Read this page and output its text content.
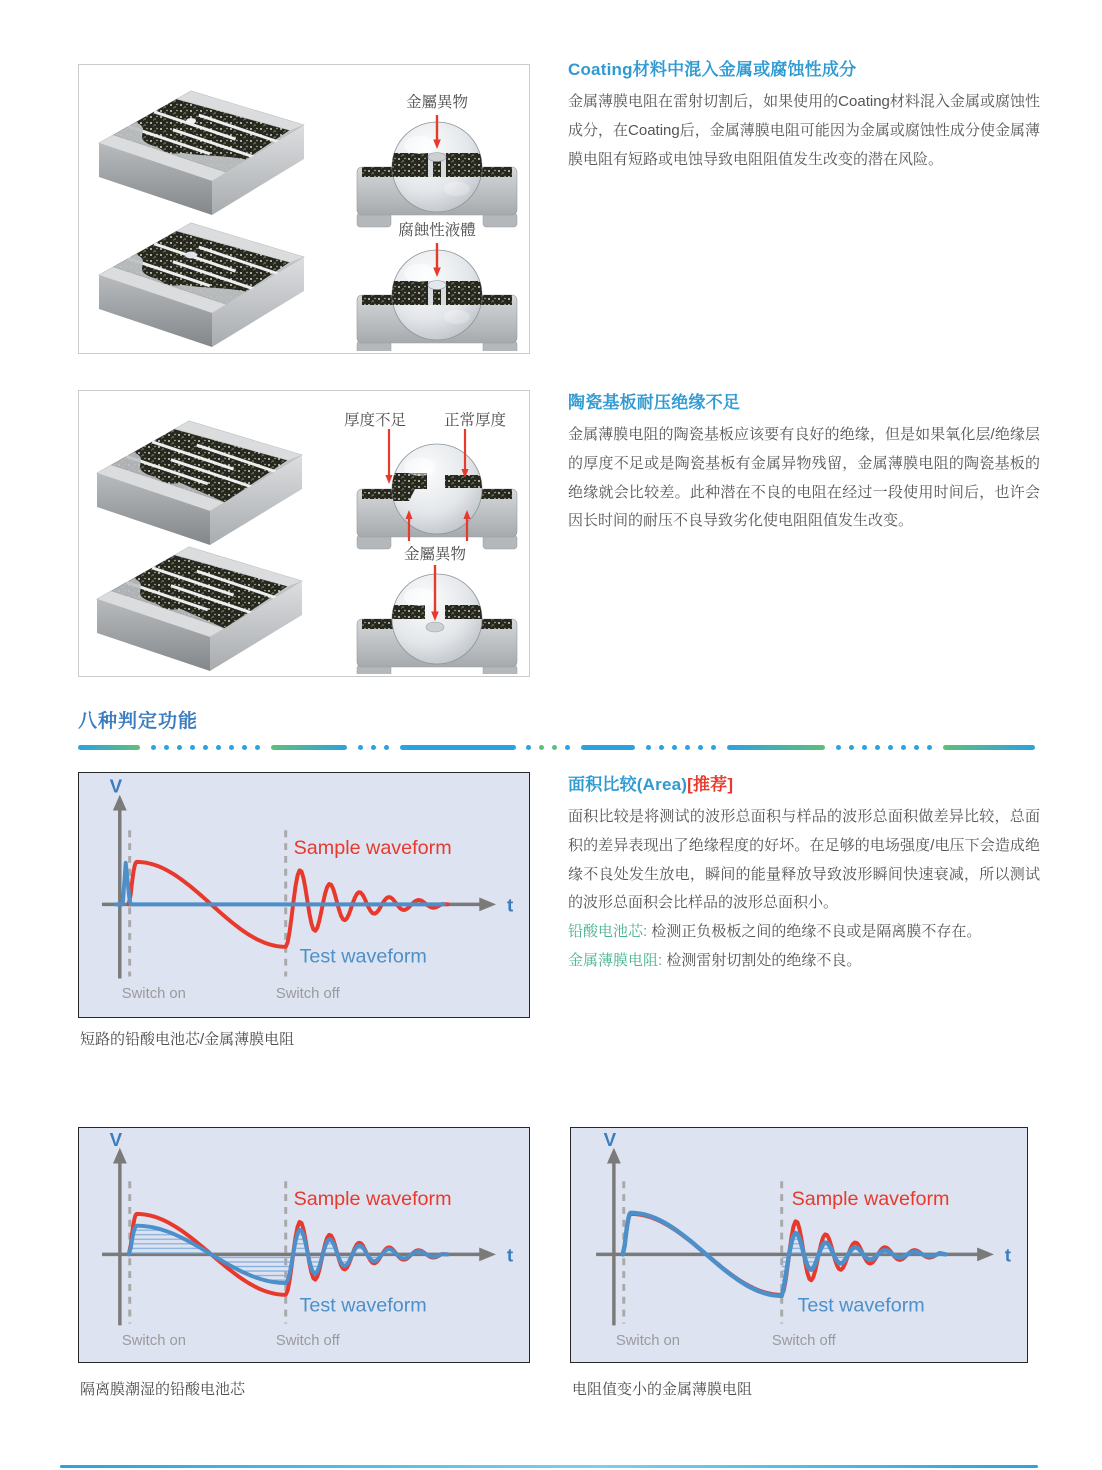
金屬異物
腐蝕性液體
Coating材料中混入金属或腐蚀性成分

金属薄膜电阻在雷射切割后，如果使用的Coating材料混入金属或腐蚀性成分，在Coating后，金属薄膜电阻可能因为金属或腐蚀性成分使金属薄膜电阻有短路或电蚀导致电阻阻值发生改变的潜在风险。

厚度不足 正常厚度
金屬異物
陶瓷基板耐压绝缘不足

金属薄膜电阻的陶瓷基板应该要有良好的绝缘，但是如果氧化层/绝缘层的厚度不足或是陶瓷基板有金属异物残留，金属薄膜电阻的陶瓷基板的绝缘就会比较差。此种潜在不良的电阻在经过一段使用时间后，也许会因长时间的耐压不良导致劣化使电阻阻值发生改变。

八种判定功能
V
t
Sample waveform
Test waveform
Switch on	Switch off
短路的铅酸电池芯/金属薄膜电阻
面积比较(Area)[推荐]

面积比较是将测试的波形总面积与样品的波形总面积做差异比较，总面积的差异表现出了绝缘程度的好坏。在足够的电场强度/电压下会造成绝缘不良处发生放电，瞬间的能量释放导致波形瞬间快速衰减，所以测试的波形总面积会比样品的波形总面积小。

铅酸电池芯: 检测正负极板之间的绝缘不良或是隔离膜不存在。

金属薄膜电阻: 检测雷射切割处的绝缘不良。

V
t
Sample waveform
Test waveform
Switch on	Switch off
隔离膜潮湿的铅酸电池芯
V
t
Sample waveform
Test waveform
Switch on	Switch off
电阻值变小的金属薄膜电阻
